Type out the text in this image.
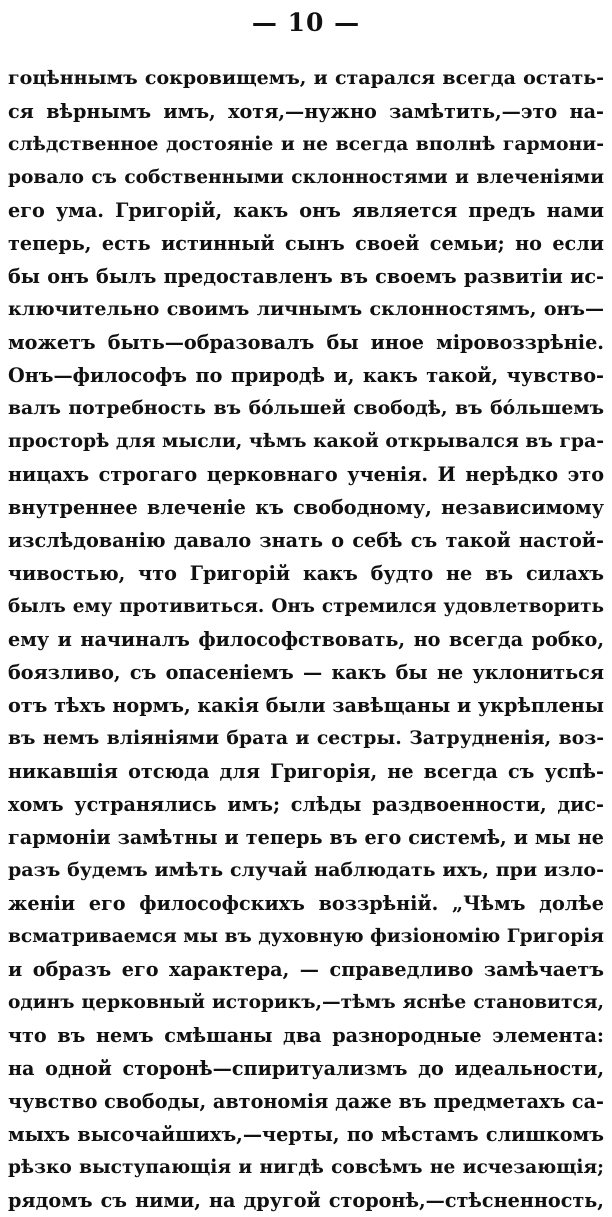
— 10 —
гоцѣннымъ сокровищемъ, и старался всегда остать-
ся вѣрнымъ имъ, хотя,—нужно замѣтить,—это на-
слѣдственное достояніе и не всегда вполнѣ гармони-
ровало съ собственными склонностями и влеченіями
его ума. Григорій, какъ онъ является предъ нами
теперь, есть истинный сынъ своей семьи; но если
бы онъ былъ предоставленъ въ своемъ развитіи ис-
ключительно своимъ личнымъ склонностямъ, онъ—
можетъ быть—образовалъ бы иное міровоззрѣніе.
Онъ—философъ по природѣ и, какъ такой, чувство-
валъ потребность въ бóльшей свободѣ, въ бóльшемъ
просторѣ для мысли, чѣмъ какой открывался въ гра-
ницахъ строгаго церковнаго ученія. И нерѣдко это
внутреннее влеченіе къ свободному, независимому
изслѣдованію давало знать о себѣ съ такой настой-
чивостью, что Григорій какъ будто не въ силахъ
былъ ему противиться. Онъ стремился удовлетворить
ему и начиналъ философствовать, но всегда робко,
боязливо, съ опасеніемъ — какъ бы не уклониться
отъ тѣхъ нормъ, какія были завѣщаны и укрѣплены
въ немъ вліяніями брата и сестры. Затрудненія, воз-
никавшія отсюда для Григорія, не всегда съ успѣ-
хомъ устранялись имъ; слѣды раздвоенности, дис-
гармоніи замѣтны и теперь въ его системѣ, и мы не
разъ будемъ имѣть случай наблюдать ихъ, при изло-
женіи его философскихъ воззрѣній. „Чѣмъ долѣе
всматриваемся мы въ духовную физіономію Григорія
и образъ его характера, — справедливо замѣчаетъ
одинъ церковный историкъ,—тѣмъ яснѣе становится,
что въ немъ смѣшаны два разнородные элемента:
на одной сторонѣ—спиритуализмъ до идеальности,
чувство свободы, автономія даже въ предметахъ са-
мыхъ высочайшихъ,—черты, по мѣстамъ слишкомъ
рѣзко выступающія и нигдѣ совсѣмъ не исчезающія;
рядомъ съ ними, на другой сторонѣ,—стѣсненность,
